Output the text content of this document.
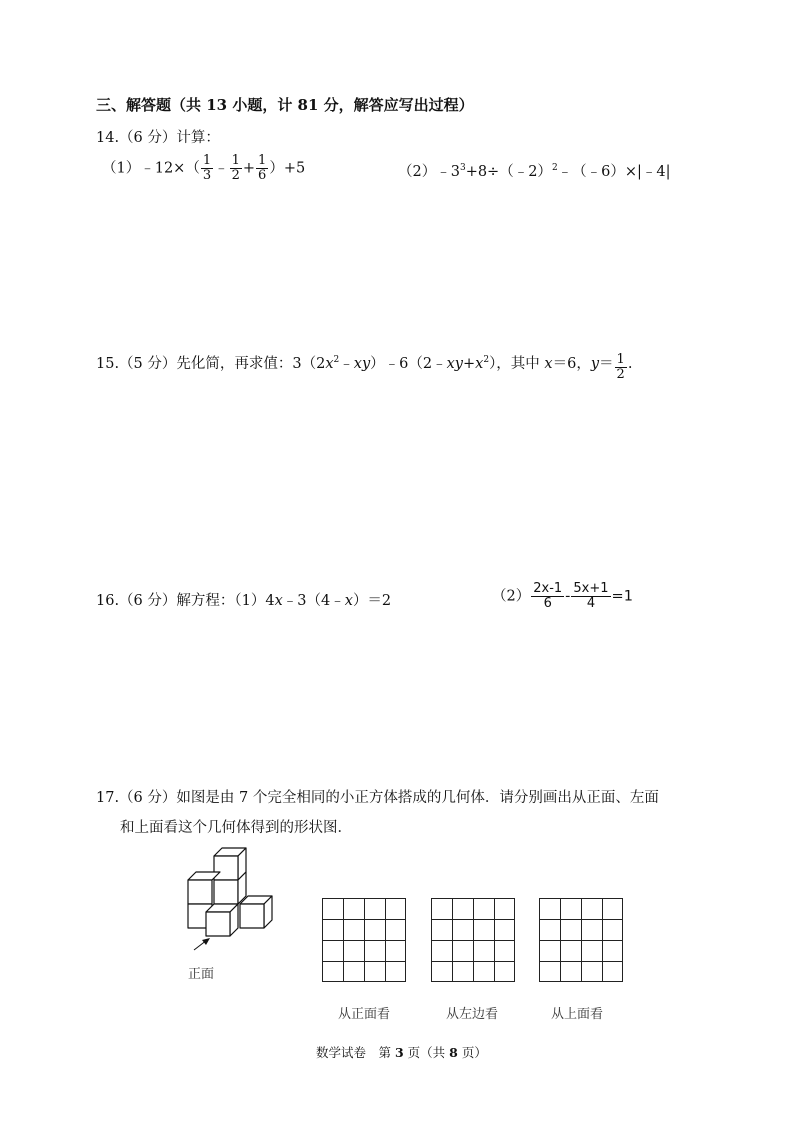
三、解答题（共 13 小题，计 81 分，解答应写出过程）
14.（6 分）计算：
（1）﹣12×（ $\frac{1}{3}$ ﹣ $\frac{1}{2} + \frac{1}{6} )+5$	$(2)﹣3^3+8\div(﹣2)^2﹣(﹣6)\times|﹣4|$
15.（5 分）先化简，再求值：$3(2x^2﹣xy)﹣6(2﹣xy+x^2)$，其中 x＝6，$y= \frac{1}{2}$ .
16.（6 分）解方程：（1）4x﹣3（4﹣x）＝2	$(2) \frac{2x-1}{6} - \frac{5x+1}{4} =1$
17.（6 分）如图是由 7 个完全相同的小正方体搭成的几何体．请分别画出从正面、左面
和上面看这个几何体得到的形状图．
正面
从正面看	从左边看	从上面看
数学试卷　第 3 页（共 8 页）
